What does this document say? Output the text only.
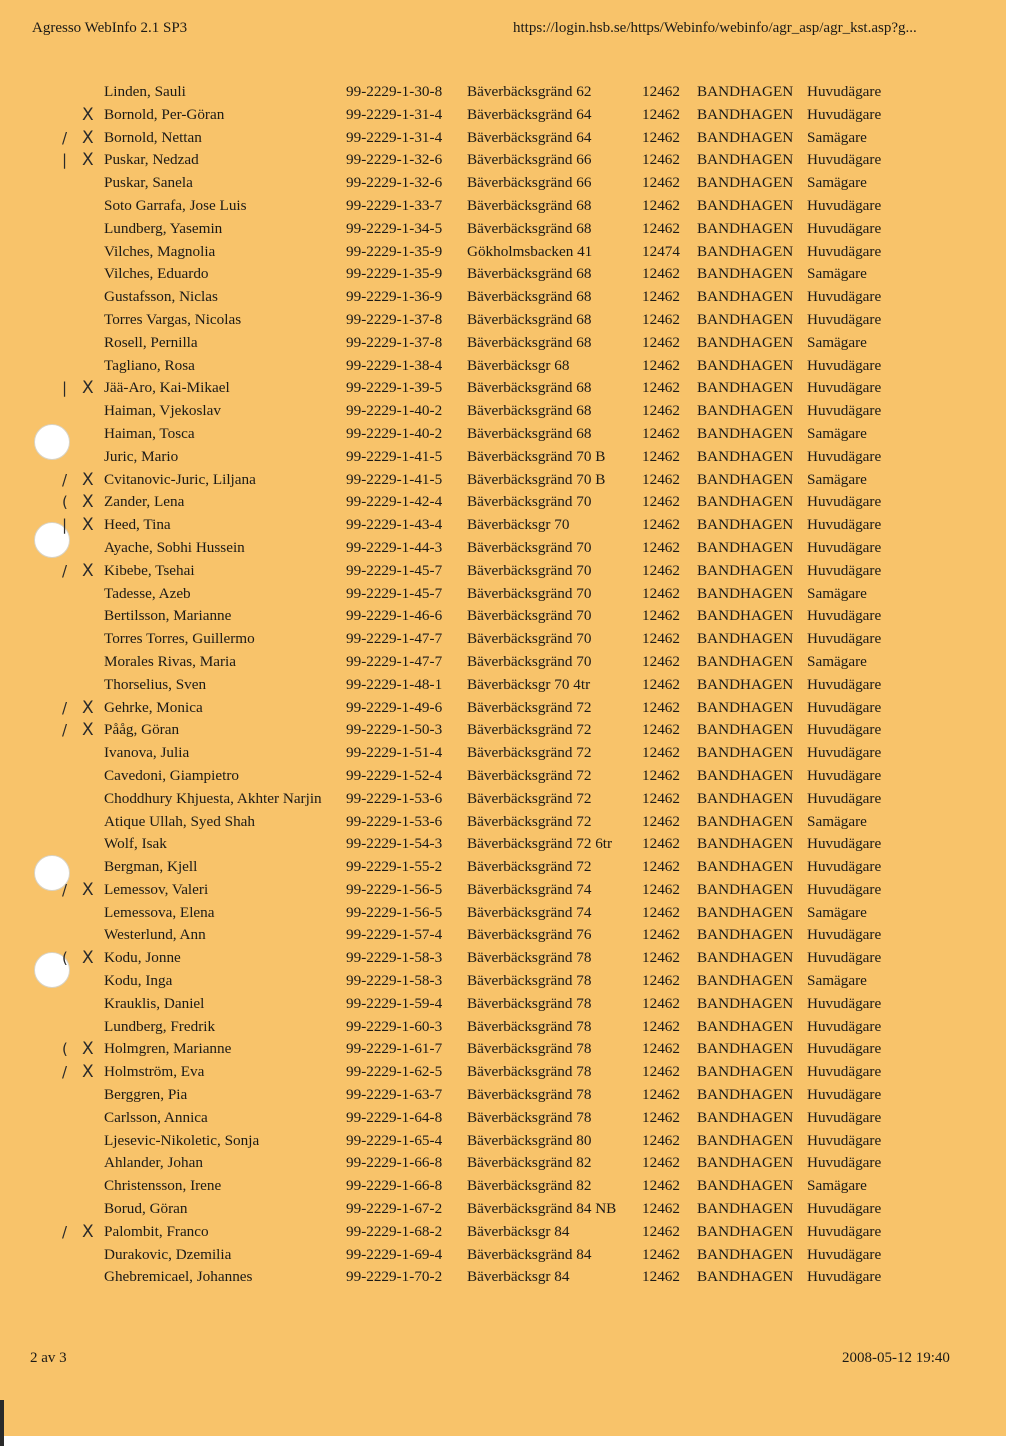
Agresso WebInfo 2.1 SP3	https://login.hsb.se/https/Webinfo/webinfo/agr_asp/agr_kst.asp?g...
Linden, Sauli	99-2229-1-30-8 Bäverbäcksgränd 62	12462 BANDHAGEN Huvudägare
X Bornold, Per-Göran	99-2229-1-31-4 Bäverbäcksgränd 64	12462 BANDHAGEN Huvudägare
/ X Bornold, Nettan	99-2229-1-31-4 Bäverbäcksgränd 64	12462 BANDHAGEN Samägare
| X Puskar, Nedzad	99-2229-1-32-6 Bäverbäcksgränd 66	12462 BANDHAGEN Huvudägare
Puskar, Sanela	99-2229-1-32-6 Bäverbäcksgränd 66	12462 BANDHAGEN Samägare
Soto Garrafa, Jose Luis	99-2229-1-33-7 Bäverbäcksgränd 68	12462 BANDHAGEN Huvudägare
Lundberg, Yasemin	99-2229-1-34-5 Bäverbäcksgränd 68	12462 BANDHAGEN Huvudägare
Vilches, Magnolia	99-2229-1-35-9 Gökholmsbacken 41	12474 BANDHAGEN Huvudägare
Vilches, Eduardo	99-2229-1-35-9 Bäverbäcksgränd 68	12462 BANDHAGEN Samägare
Gustafsson, Niclas	99-2229-1-36-9 Bäverbäcksgränd 68	12462 BANDHAGEN Huvudägare
Torres Vargas, Nicolas	99-2229-1-37-8 Bäverbäcksgränd 68	12462 BANDHAGEN Huvudägare
Rosell, Pernilla	99-2229-1-37-8 Bäverbäcksgränd 68	12462 BANDHAGEN Samägare
Tagliano, Rosa	99-2229-1-38-4 Bäverbäcksgr 68	12462 BANDHAGEN Huvudägare
| X Jää-Aro, Kai-Mikael	99-2229-1-39-5 Bäverbäcksgränd 68	12462 BANDHAGEN Huvudägare
Haiman, Vjekoslav	99-2229-1-40-2 Bäverbäcksgränd 68	12462 BANDHAGEN Huvudägare
Haiman, Tosca	99-2229-1-40-2 Bäverbäcksgränd 68	12462 BANDHAGEN Samägare
Juric, Mario	99-2229-1-41-5 Bäverbäcksgränd 70 B 12462 BANDHAGEN Huvudägare
/ X Cvitanovic-Juric, Liljana	99-2229-1-41-5 Bäverbäcksgränd 70 B 12462 BANDHAGEN Samägare
( X Zander, Lena	99-2229-1-42-4 Bäverbäcksgränd 70	12462 BANDHAGEN Huvudägare
| X Heed, Tina	99-2229-1-43-4 Bäverbäcksgr 70	12462 BANDHAGEN Huvudägare
Ayache, Sobhi Hussein	99-2229-1-44-3 Bäverbäcksgränd 70	12462 BANDHAGEN Huvudägare
/ X Kibebe, Tsehai	99-2229-1-45-7 Bäverbäcksgränd 70	12462 BANDHAGEN Huvudägare
Tadesse, Azeb	99-2229-1-45-7 Bäverbäcksgränd 70	12462 BANDHAGEN Samägare
Bertilsson, Marianne	99-2229-1-46-6 Bäverbäcksgränd 70	12462 BANDHAGEN Huvudägare
Torres Torres, Guillermo	99-2229-1-47-7 Bäverbäcksgränd 70	12462 BANDHAGEN Huvudägare
Morales Rivas, Maria	99-2229-1-47-7 Bäverbäcksgränd 70	12462 BANDHAGEN Samägare
Thorselius, Sven	99-2229-1-48-1 Bäverbäcksgr 70 4tr	12462 BANDHAGEN Huvudägare
/ X Gehrke, Monica	99-2229-1-49-6 Bäverbäcksgränd 72	12462 BANDHAGEN Huvudägare
/ X Pååg, Göran	99-2229-1-50-3 Bäverbäcksgränd 72	12462 BANDHAGEN Huvudägare
Ivanova, Julia	99-2229-1-51-4 Bäverbäcksgränd 72	12462 BANDHAGEN Huvudägare
Cavedoni, Giampietro	99-2229-1-52-4 Bäverbäcksgränd 72	12462 BANDHAGEN Huvudägare
Choddhury Khjuesta, Akhter Narjin 99-2229-1-53-6 Bäverbäcksgränd 72	12462 BANDHAGEN Huvudägare
Atique Ullah, Syed Shah	99-2229-1-53-6 Bäverbäcksgränd 72	12462 BANDHAGEN Samägare
Wolf, Isak	99-2229-1-54-3 Bäverbäcksgränd 72 6tr 12462 BANDHAGEN Huvudägare
Bergman, Kjell	99-2229-1-55-2 Bäverbäcksgränd 72	12462 BANDHAGEN Huvudägare
/ X Lemessov, Valeri	99-2229-1-56-5 Bäverbäcksgränd 74	12462 BANDHAGEN Huvudägare
Lemessova, Elena	99-2229-1-56-5 Bäverbäcksgränd 74	12462 BANDHAGEN Samägare
Westerlund, Ann	99-2229-1-57-4 Bäverbäcksgränd 76	12462 BANDHAGEN Huvudägare
( X Kodu, Jonne	99-2229-1-58-3 Bäverbäcksgränd 78	12462 BANDHAGEN Huvudägare
Kodu, Inga	99-2229-1-58-3 Bäverbäcksgränd 78	12462 BANDHAGEN Samägare
Krauklis, Daniel	99-2229-1-59-4 Bäverbäcksgränd 78	12462 BANDHAGEN Huvudägare
Lundberg, Fredrik	99-2229-1-60-3 Bäverbäcksgränd 78	12462 BANDHAGEN Huvudägare
( X Holmgren, Marianne	99-2229-1-61-7 Bäverbäcksgränd 78	12462 BANDHAGEN Huvudägare
/ X Holmström, Eva	99-2229-1-62-5 Bäverbäcksgränd 78	12462 BANDHAGEN Huvudägare
Berggren, Pia	99-2229-1-63-7 Bäverbäcksgränd 78	12462 BANDHAGEN Huvudägare
Carlsson, Annica	99-2229-1-64-8 Bäverbäcksgränd 78	12462 BANDHAGEN Huvudägare
Ljesevic-Nikoletic, Sonja	99-2229-1-65-4 Bäverbäcksgränd 80	12462 BANDHAGEN Huvudägare
Ahlander, Johan	99-2229-1-66-8 Bäverbäcksgränd 82	12462 BANDHAGEN Huvudägare
Christensson, Irene	99-2229-1-66-8 Bäverbäcksgränd 82	12462 BANDHAGEN Samägare
Borud, Göran	99-2229-1-67-2 Bäverbäcksgränd 84 NB 12462 BANDHAGEN Huvudägare
/ X Palombit, Franco	99-2229-1-68-2 Bäverbäcksgr 84	12462 BANDHAGEN Huvudägare
Durakovic, Dzemilia	99-2229-1-69-4 Bäverbäcksgränd 84	12462 BANDHAGEN Huvudägare
Ghebremicael, Johannes	99-2229-1-70-2 Bäverbäcksgr 84	12462 BANDHAGEN Huvudägare
2 av 3	2008-05-12 19:40
